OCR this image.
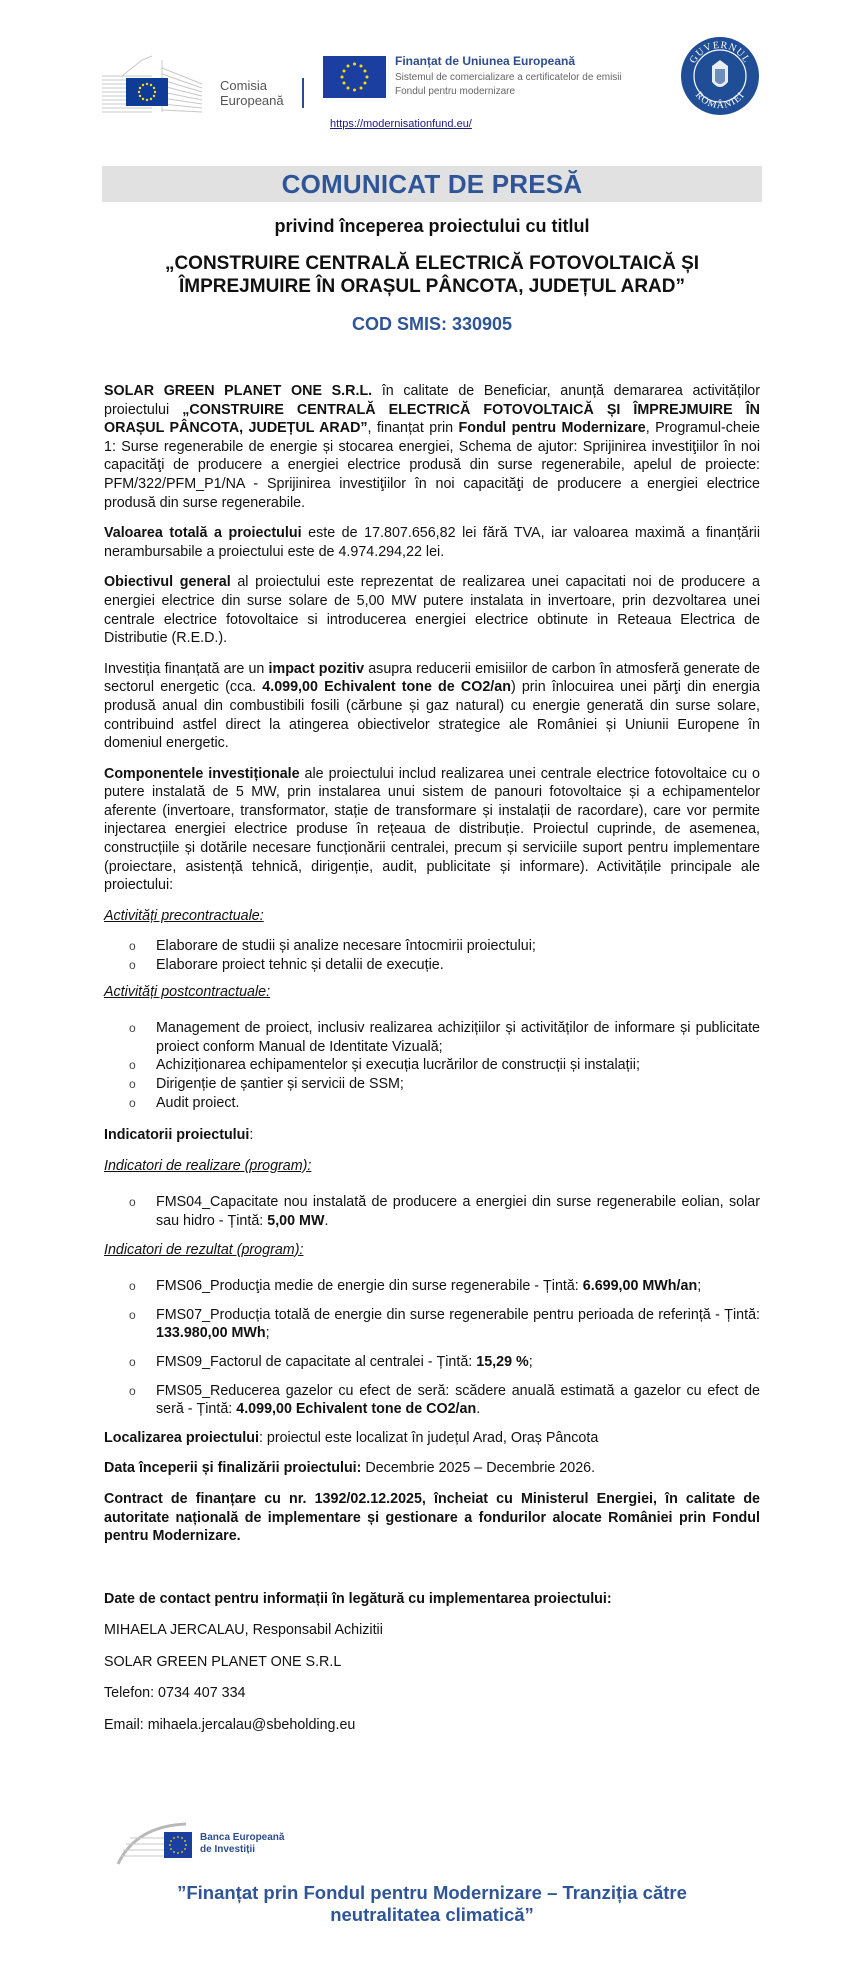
Comisia
Europeană
Finanțat de Uniunea Europeană
Sistemul de comercializare a certificatelor de emisii
Fondul pentru modernizare
https://modernisationfund.eu/
GUVERNUL
ROMÂNIEI
COMUNICAT DE PRESĂ
privind începerea proiectului cu titlul
„CONSTRUIRE CENTRALĂ ELECTRICĂ FOTOVOLTAICĂ ȘI
ÎMPREJMUIRE ÎN ORAȘUL PÂNCOTA, JUDEȚUL ARAD”
COD SMIS: 330905

SOLAR GREEN PLANET ONE S.R.L. în calitate de Beneficiar, anunță demararea activităților proiectului „CONSTRUIRE CENTRALĂ ELECTRICĂ FOTOVOLTAICĂ ȘI ÎMPREJMUIRE ÎN ORAȘUL PÂNCOTA, JUDEȚUL ARAD”, finanțat prin Fondul pentru Modernizare, Programul-cheie 1: Surse regenerabile de energie și stocarea energiei, Schema de ajutor: Sprijinirea investiţiilor în noi capacităţi de producere a energiei electrice produsă din surse regenerabile, apelul de proiecte: PFM/322/PFM_P1/NA - Sprijinirea investiţiilor în noi capacităţi de producere a energiei electrice produsă din surse regenerabile.

Valoarea totală a proiectului este de 17.807.656,82 lei fără TVA, iar valoarea maximă a finanțării nerambursabile a proiectului este de 4.974.294,22 lei.

Obiectivul general al proiectului este reprezentat de realizarea unei capacitati noi de producere a energiei electrice din surse solare de 5,00 MW putere instalata in invertoare, prin dezvoltarea unei centrale electrice fotovoltaice si introducerea energiei electrice obtinute in Reteaua Electrica de Distributie (R.E.D.).

Investiția finanțată are un impact pozitiv asupra reducerii emisiilor de carbon în atmosferă generate de sectorul energetic (cca. 4.099,00 Echivalent tone de CO2/an) prin înlocuirea unei părţi din energia produsă anual din combustibili fosili (cărbune și gaz natural) cu energie generată din surse solare, contribuind astfel direct la atingerea obiectivelor strategice ale României și Uniunii Europene în domeniul energetic.

Componentele investiționale ale proiectului includ realizarea unei centrale electrice fotovoltaice cu o putere instalată de 5 MW, prin instalarea unui sistem de panouri fotovoltaice și a echipamentelor aferente (invertoare, transformator, stație de transformare și instalații de racordare), care vor permite injectarea energiei electrice produse în rețeaua de distribuție. Proiectul cuprinde, de asemenea, construcțiile și dotările necesare funcționării centralei, precum și serviciile suport pentru implementare (proiectare, asistență tehnică, dirigenție, audit, publicitate și informare). Activitățile principale ale proiectului:

Activități precontractuale:
o Elaborare de studii și analize necesare întocmirii proiectului;
o Elaborare proiect tehnic și detalii de execuție.
Activități postcontractuale:
o Management de proiect, inclusiv realizarea achizițiilor și activităților de informare și publicitate proiect conform Manual de Identitate Vizuală;
o Achiziționarea echipamentelor și execuția lucrărilor de construcții și instalații;
o Dirigenție de șantier și servicii de SSM;
o Audit proiect.

Indicatorii proiectului:

Indicatori de realizare (program):
o FMS04_Capacitate nou instalată de producere a energiei din surse regenerabile eolian, solar sau hidro - Țintă: 5,00 MW.
Indicatori de rezultat (program):
o FMS06_Producţia medie de energie din surse regenerabile - Țintă: 6.699,00 MWh/an;
o FMS07_Producția totală de energie din surse regenerabile pentru perioada de referință - Țintă: 133.980,00 MWh;
o FMS09_Factorul de capacitate al centralei - Țintă: 15,29 %;
o FMS05_Reducerea gazelor cu efect de seră: scădere anuală estimată a gazelor cu efect de seră - Țintă: 4.099,00 Echivalent tone de CO2/an.

Localizarea proiectului: proiectul este localizat în județul Arad, Oraș Pâncota

Data începerii și finalizării proiectului: Decembrie 2025 – Decembrie 2026.

Contract de finanțare cu nr. 1392/02.12.2025, încheiat cu Ministerul Energiei, în calitate de autoritate națională de implementare și gestionare a fondurilor alocate României prin Fondul pentru Modernizare.

Date de contact pentru informații în legătură cu implementarea proiectului:

MIHAELA JERCALAU, Responsabil Achizitii

SOLAR GREEN PLANET ONE S.R.L

Telefon: 0734 407 334

Email: mihaela.jercalau@sbeholding.eu

Banca Europeană
de Investiții
”Finanțat prin Fondul pentru Modernizare – Tranziția către
neutralitatea climatică”
